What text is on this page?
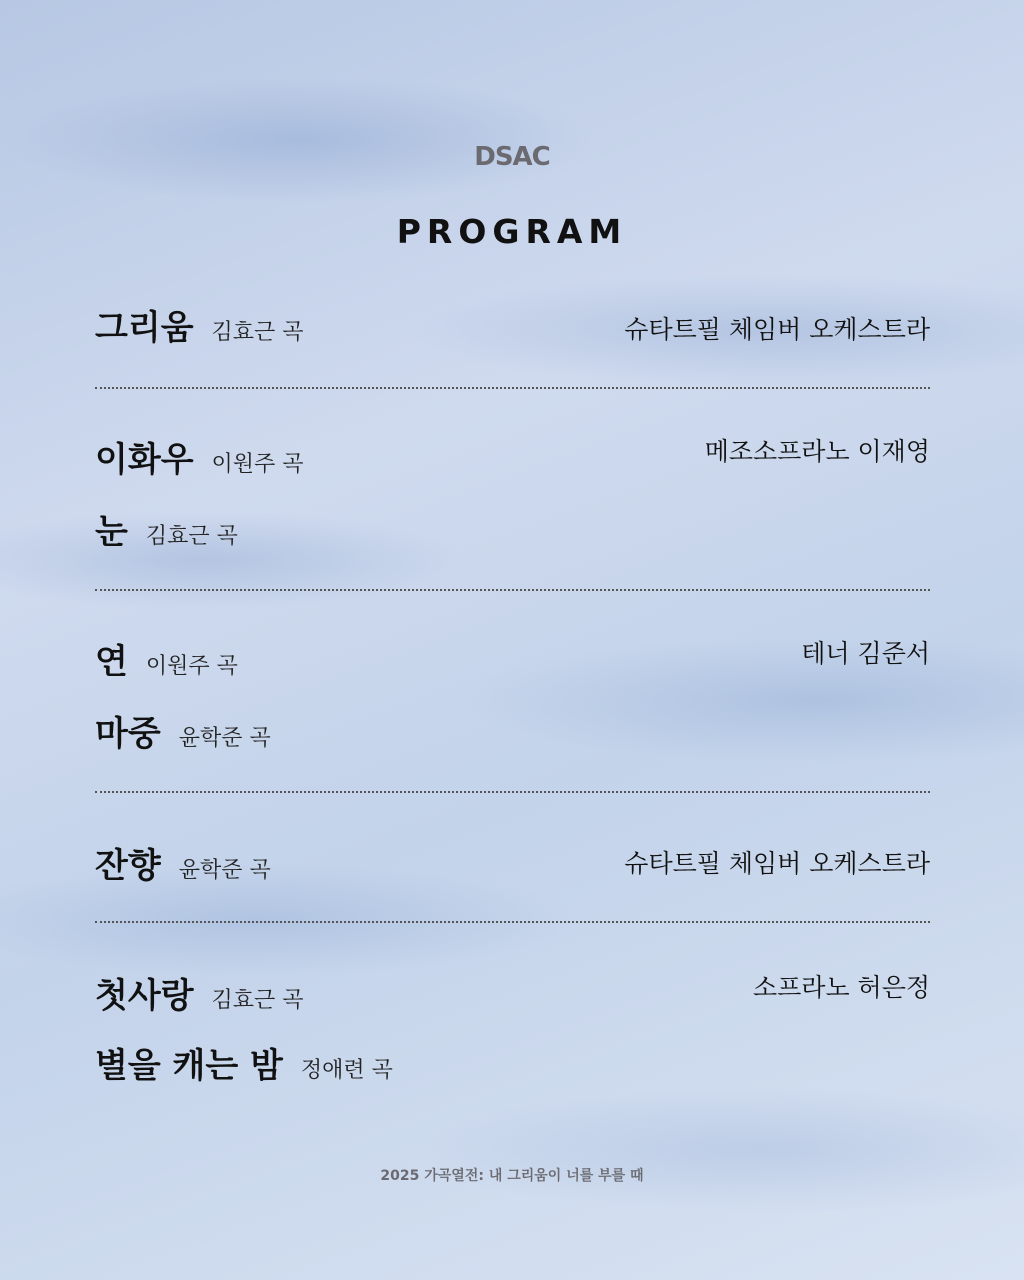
DSAC
PROGRAM
그리움 김효근 곡	슈타트필 체임버 오케스트라
이화우 이원주 곡
눈김효근 곡
메조소프라노 이재영
연이원주 곡
마중 윤학준 곡
테너 김준서
잔향 윤학준 곡	슈타트필 체임버 오케스트라
첫사랑 김효근 곡
별을 캐는 밤 정애련 곡
소프라노 허은정
2025 가곡열전: 내 그리움이 너를 부를 때
